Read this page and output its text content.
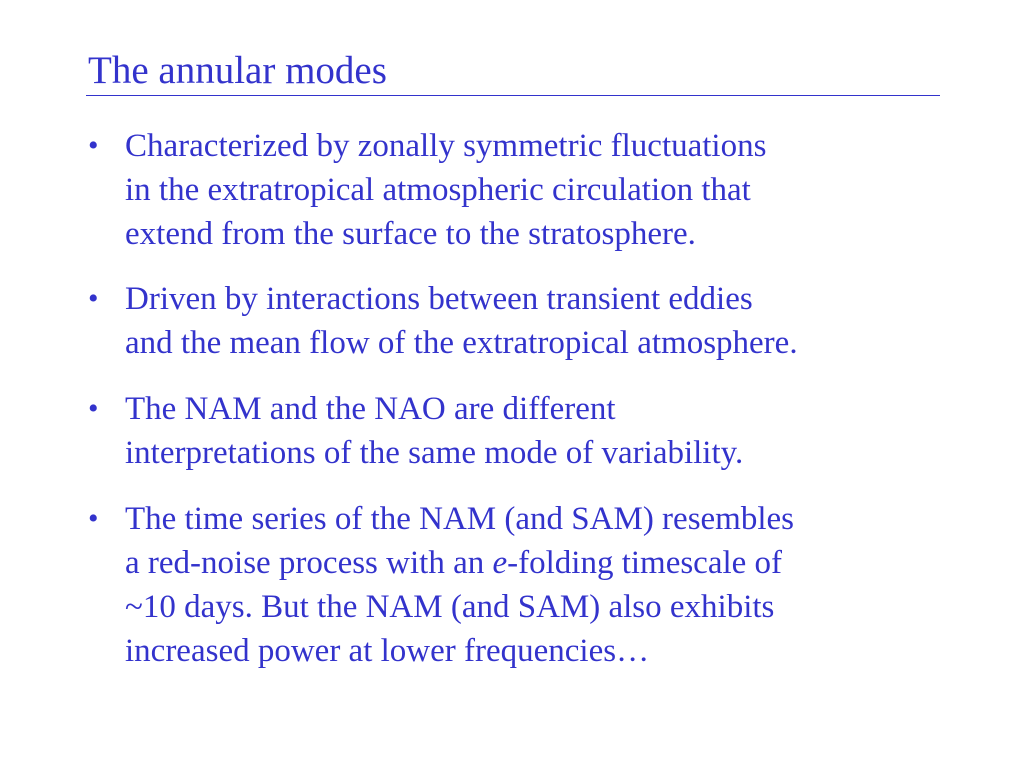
The annular modes
• Characterized by zonally symmetric fluctuations
in the extratropical atmospheric circulation that
extend from the surface to the stratosphere.
• Driven by interactions between transient eddies
and the mean flow of the extratropical atmosphere.
• The NAM and the NAO are different
interpretations of the same mode of variability.
• The time series of the NAM (and SAM) resembles
a red-noise process with an e-folding timescale of
~10 days. But the NAM (and SAM) also exhibits
increased power at lower frequencies…
